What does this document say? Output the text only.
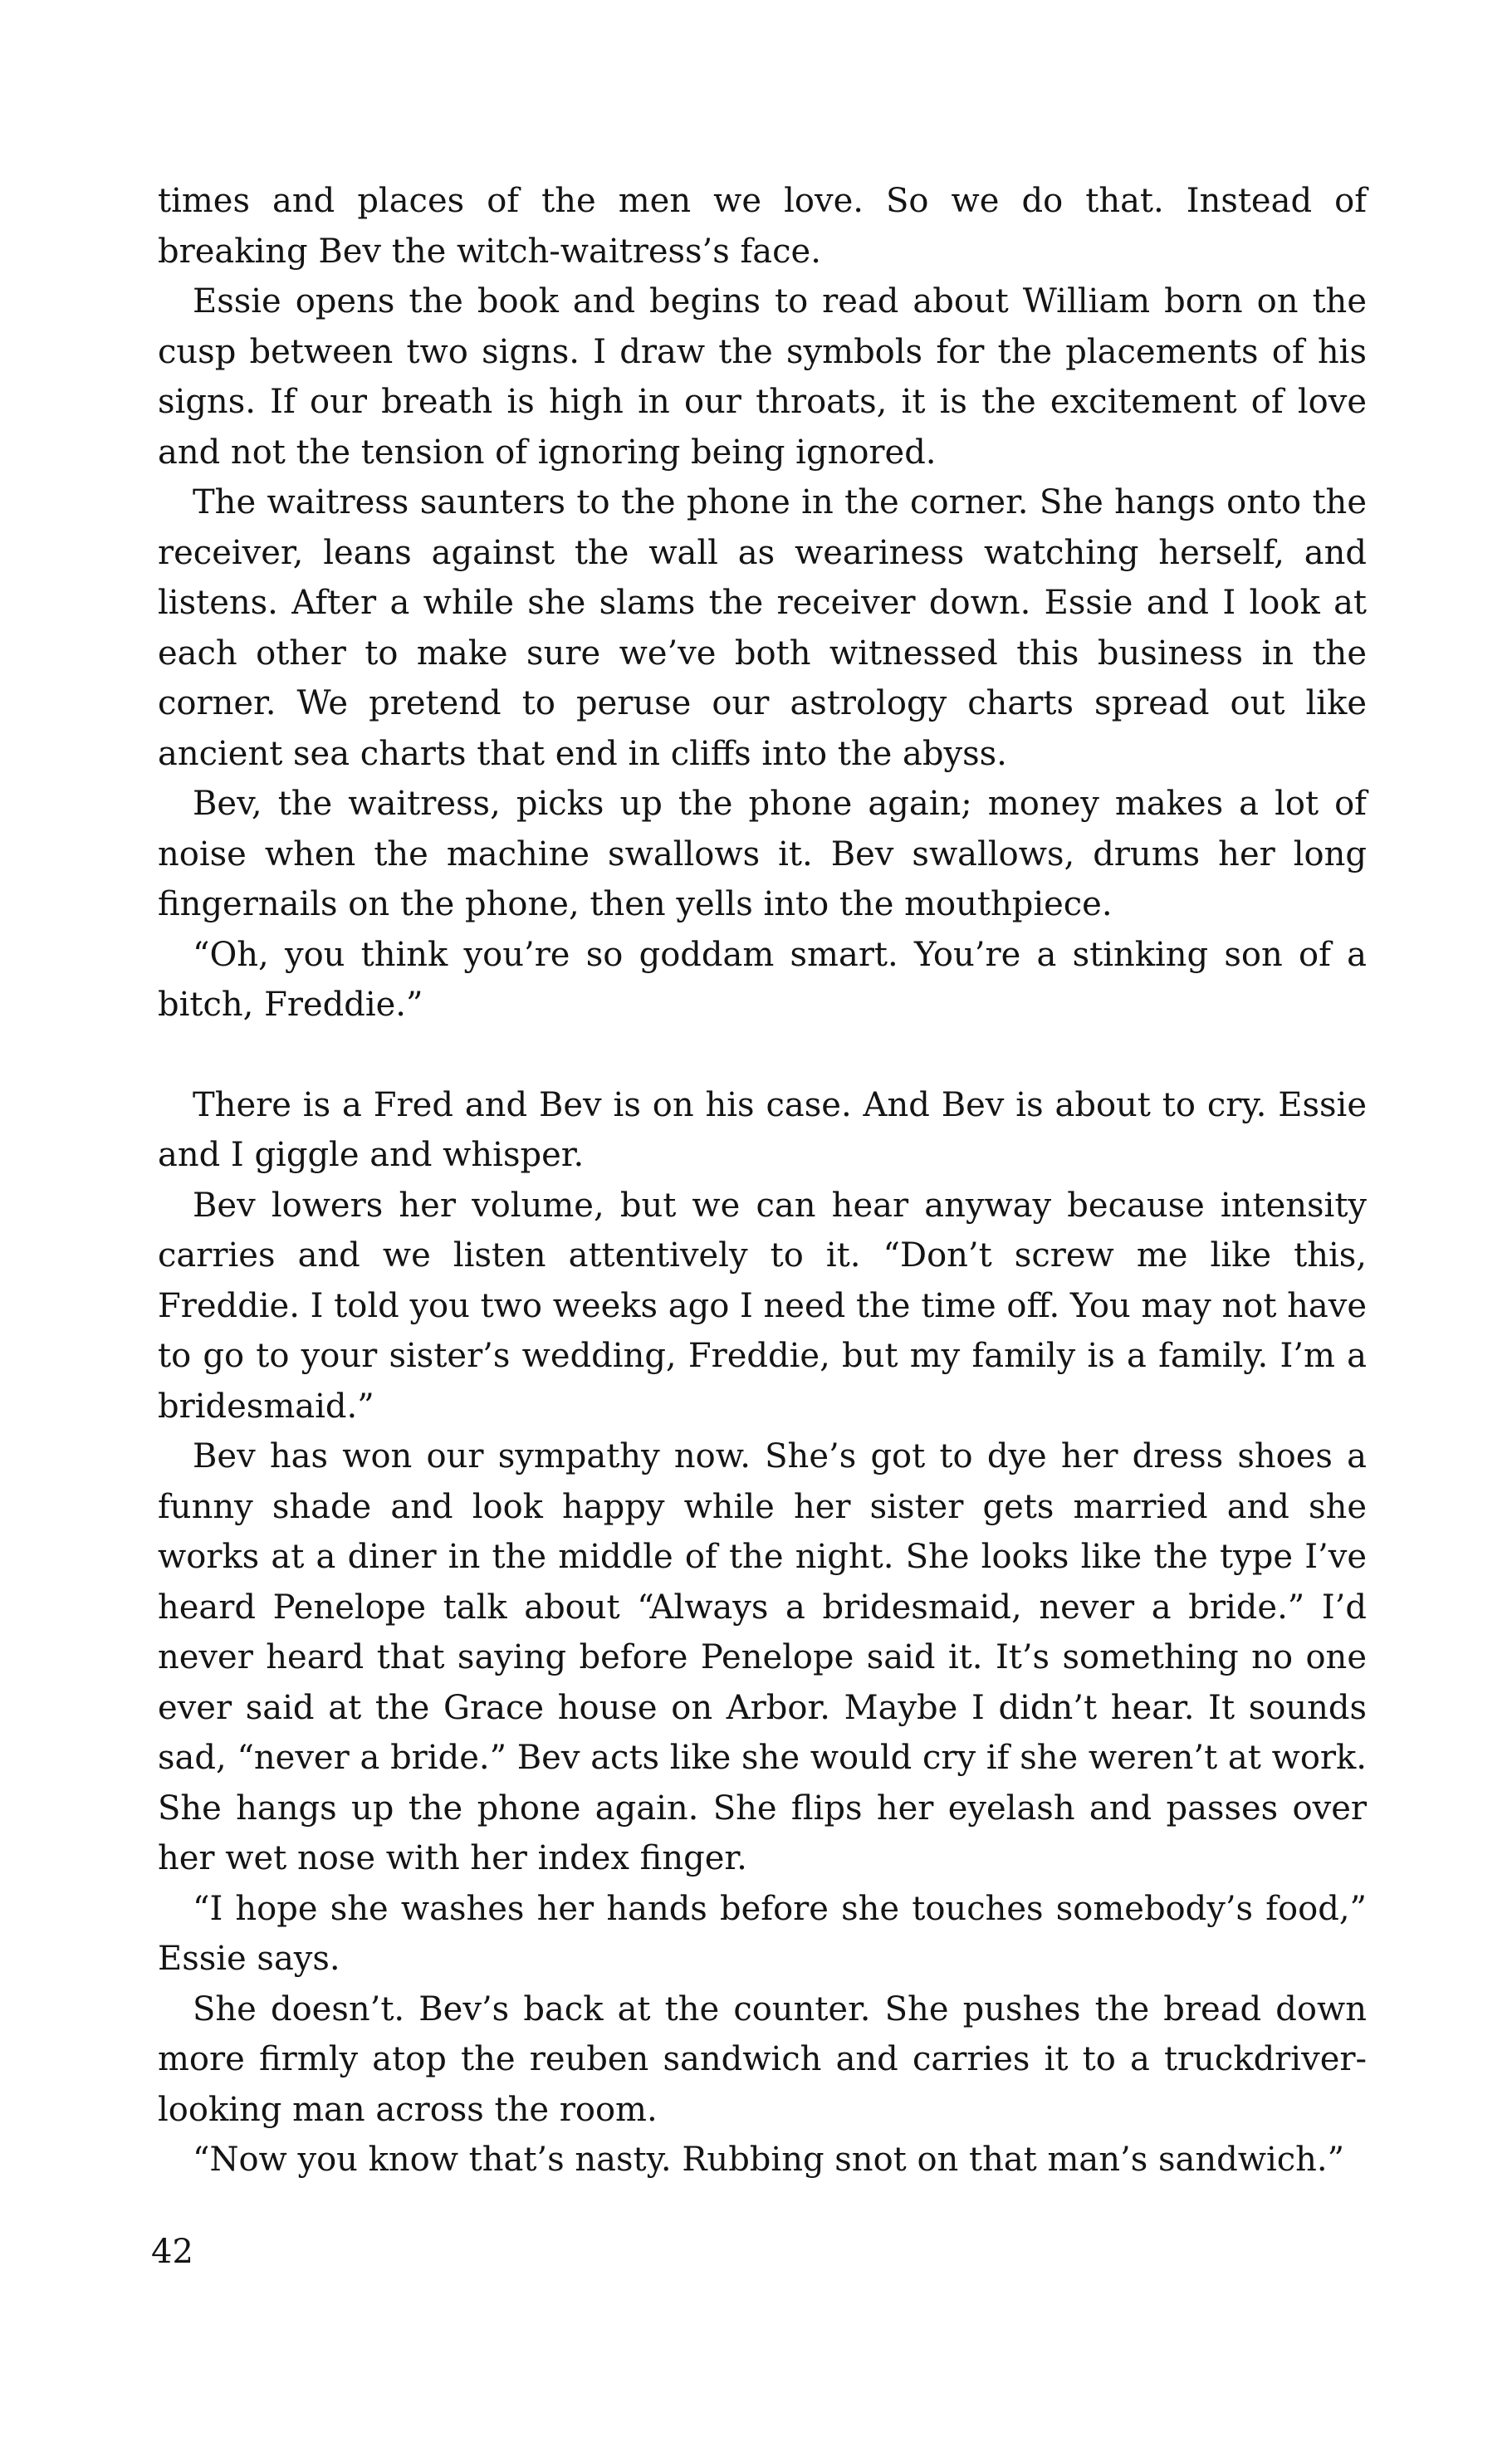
times and places of the men we love. So we do that. Instead of breaking Bev the witch-waitress’s face.

Essie opens the book and begins to read about William born on the cusp between two signs. I draw the symbols for the placements of his signs. If our breath is high in our throats, it is the excitement of love and not the tension of ignoring being ignored.

The waitress saunters to the phone in the corner. She hangs onto the receiver, leans against the wall as weariness watching herself, and listens. After a while she slams the receiver down. Essie and I look at each other to make sure we’ve both witnessed this business in the corner. We pretend to peruse our astrology charts spread out like ancient sea charts that end in cliffs into the abyss.

Bev, the waitress, picks up the phone again; money makes a lot of noise when the machine swallows it. Bev swallows, drums her long fingernails on the phone, then yells into the mouthpiece.

“Oh, you think you’re so goddam smart. You’re a stinking son of a bitch, Freddie.”

There is a Fred and Bev is on his case. And Bev is about to cry. Essie and I giggle and whisper.

Bev lowers her volume, but we can hear anyway because intensity carries and we listen attentively to it. “Don’t screw me like this, Freddie. I told you two weeks ago I need the time off. You may not have to go to your sister’s wedding, Freddie, but my family is a family. I’m a bridesmaid.”

Bev has won our sympathy now. She’s got to dye her dress shoes a funny shade and look happy while her sister gets married and she works at a diner in the middle of the night. She looks like the type I’ve heard Penelope talk about “Always a bridesmaid, never a bride.” I’d never heard that saying before Penelope said it. It’s something no one ever said at the Grace house on Arbor. Maybe I didn’t hear. It sounds sad, “never a bride.” Bev acts like she would cry if she weren’t at work. She hangs up the phone again. She flips her eyelash and passes over her wet nose with her index finger.

“I hope she washes her hands before she touches somebody’s food,” Essie says.

She doesn’t. Bev’s back at the counter. She pushes the bread down more firmly atop the reuben sandwich and carries it to a truckdriverlooking man across the room.

“Now you know that’s nasty. Rubbing snot on that man’s sandwich.”

42
